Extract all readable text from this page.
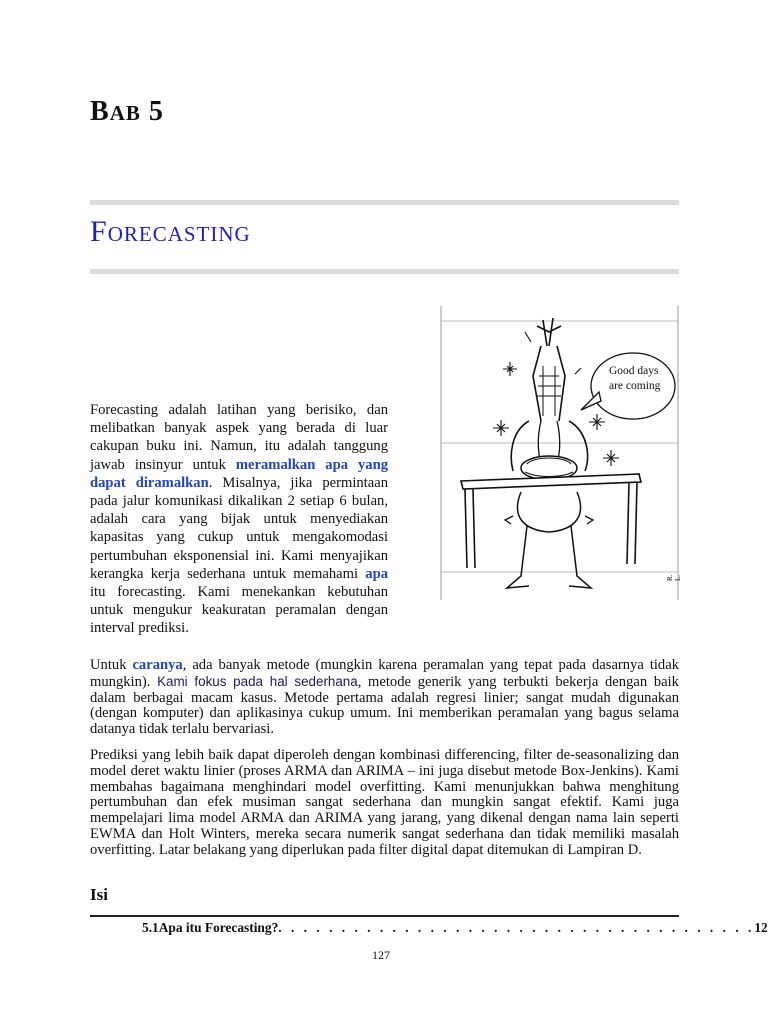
BAB 5
FORECASTING
Good days are coming
R. L.
Forecasting adalah latihan yang berisiko, dan melibatkan banyak aspek yang berada di luar cakupan buku ini. Namun, itu adalah tanggung jawab insinyur untuk meramalkan apa yang dapat diramalkan. Misalnya, jika permintaan pada jalur komunikasi dikalikan 2 setiap 6 bulan, adalah cara yang bijak untuk menyediakan kapasitas yang cukup untuk mengakomodasi pertumbuhan eksponensial ini. Kami menyajikan kerangka kerja sederhana untuk memahami apa itu forecasting. Kami menekankan kebutuhan untuk mengukur keakuratan peramalan dengan interval prediksi.
Untuk caranya, ada banyak metode (mungkin karena peramalan yang tepat pada dasarnya tidak mungkin). Kami fokus pada hal sederhana, metode generik yang terbukti bekerja dengan baik dalam berbagai macam kasus. Metode pertama adalah regresi linier; sangat mudah digunakan (dengan komputer) dan aplikasinya cukup umum. Ini memberikan peramalan yang bagus selama datanya tidak terlalu bervariasi.
Prediksi yang lebih baik dapat diperoleh dengan kombinasi differencing, filter de-seasonalizing dan model deret waktu linier (proses ARMA dan ARIMA – ini juga disebut metode Box-Jenkins). Kami membahas bagaimana menghindari model overfitting. Kami menunjukkan bahwa menghitung pertumbuhan dan efek musiman sangat sederhana dan mungkin sangat efektif. Kami juga mempelajari lima model ARMA dan ARIMA yang jarang, yang dikenal dengan nama lain seperti EWMA dan Holt Winters, mereka secara numerik sangat sederhana dan tidak memiliki masalah overfitting. Latar belakang yang diperlukan pada filter digital dapat ditemukan di Lampiran D.
Isi
5.1 Apa itu Forecasting? . . . . . . . . . . . . . . . . . . . . . . . . . . . . . . . . . . . . . . 12
127
